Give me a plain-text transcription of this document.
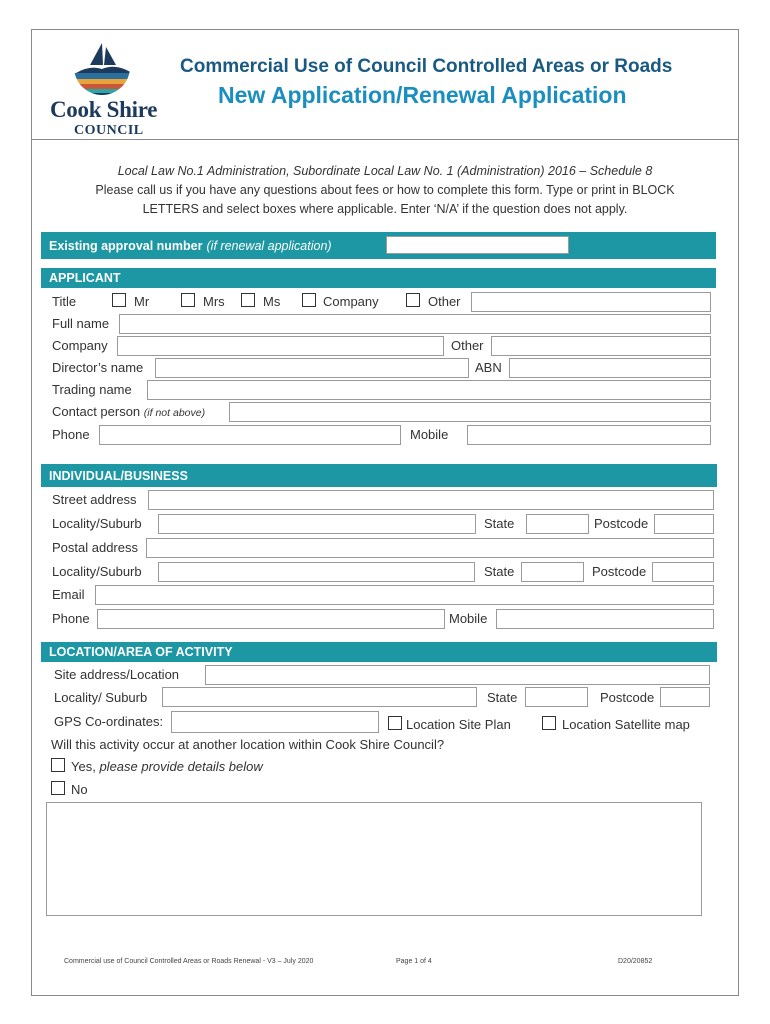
Cook Shire
COUNCIL
Commercial Use of Council Controlled Areas or Roads
New Application/Renewal Application
Local Law No.1 Administration, Subordinate Local Law No. 1 (Administration) 2016 – Schedule 8
Please call us if you have any questions about fees or how to complete this form. Type or print in BLOCK
LETTERS and select boxes where applicable. Enter ‘N/A’ if the question does not apply.
Existing approval number (if renewal application)
APPLICANT
Title	Mr	Mrs	Ms	Company	Other
Full name
Company	Other
Director’s name	ABN
Trading name
Contact person (if not above)
Phone	Mobile
INDIVIDUAL/BUSINESS
Street address
Locality/Suburb	State	Postcode
Postal address
Locality/Suburb	State	Postcode
Email
Phone	Mobile
LOCATION/AREA OF ACTIVITY
Site address/Location
Locality/ Suburb	State	Postcode
GPS Co-ordinates:	Location Site Plan	Location Satellite map
Will this activity occur at another location within Cook Shire Council?
Yes, please provide details below
No
Commercial use of Council Controlled Areas or Roads Renewal - V3 – July 2020	Page 1 of 4	D20/20852
